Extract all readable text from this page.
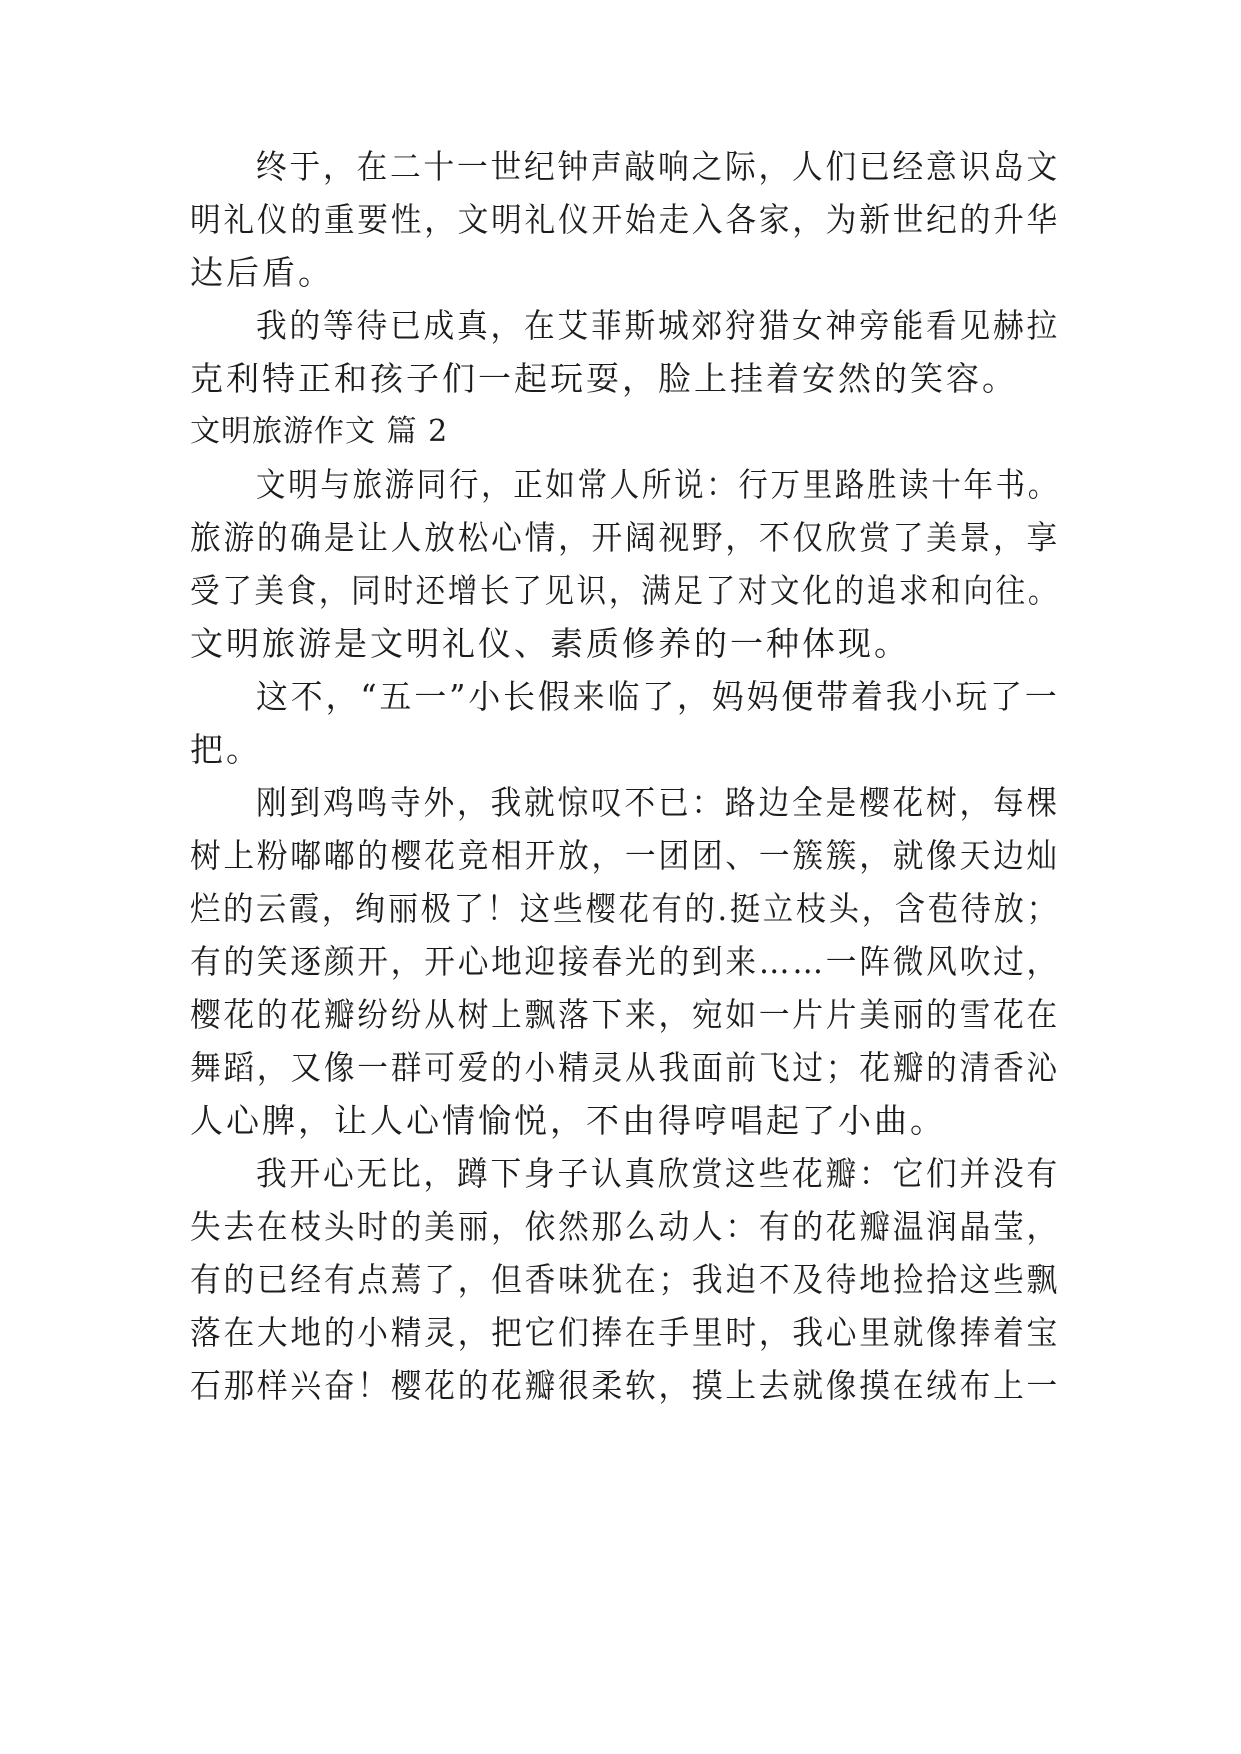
终于，在二十一世纪钟声敲响之际，人们已经意识岛文
明礼仪的重要性，文明礼仪开始走入各家，为新世纪的升华
达后盾。
我的等待已成真，在艾菲斯城郊狩猎女神旁能看见赫拉
克利特正和孩子们一起玩耍，脸上挂着安然的笑容。
文明旅游作文 篇 2
文明与旅游同行，正如常人所说：行万里路胜读十年书。
旅游的确是让人放松心情，开阔视野，不仅欣赏了美景，享
受了美食，同时还增长了见识，满足了对文化的追求和向往。
文明旅游是文明礼仪、素质修养的一种体现。
这不，“五一”小长假来临了，妈妈便带着我小玩了一
把。
刚到鸡鸣寺外，我就惊叹不已：路边全是樱花树，每棵
树上粉嘟嘟的樱花竞相开放，一团团、一簇簇，就像天边灿
烂的云霞，绚丽极了！这些樱花有的.挺立枝头，含苞待放；
有的笑逐颜开，开心地迎接春光的到来……一阵微风吹过，
樱花的花瓣纷纷从树上飘落下来，宛如一片片美丽的雪花在
舞蹈，又像一群可爱的小精灵从我面前飞过；花瓣的清香沁
人心脾，让人心情愉悦，不由得哼唱起了小曲。
我开心无比，蹲下身子认真欣赏这些花瓣：它们并没有
失去在枝头时的美丽，依然那么动人：有的花瓣温润晶莹，
有的已经有点蔫了，但香味犹在；我迫不及待地捡拾这些飘
落在大地的小精灵，把它们捧在手里时，我心里就像捧着宝
石那样兴奋！樱花的花瓣很柔软，摸上去就像摸在绒布上一
